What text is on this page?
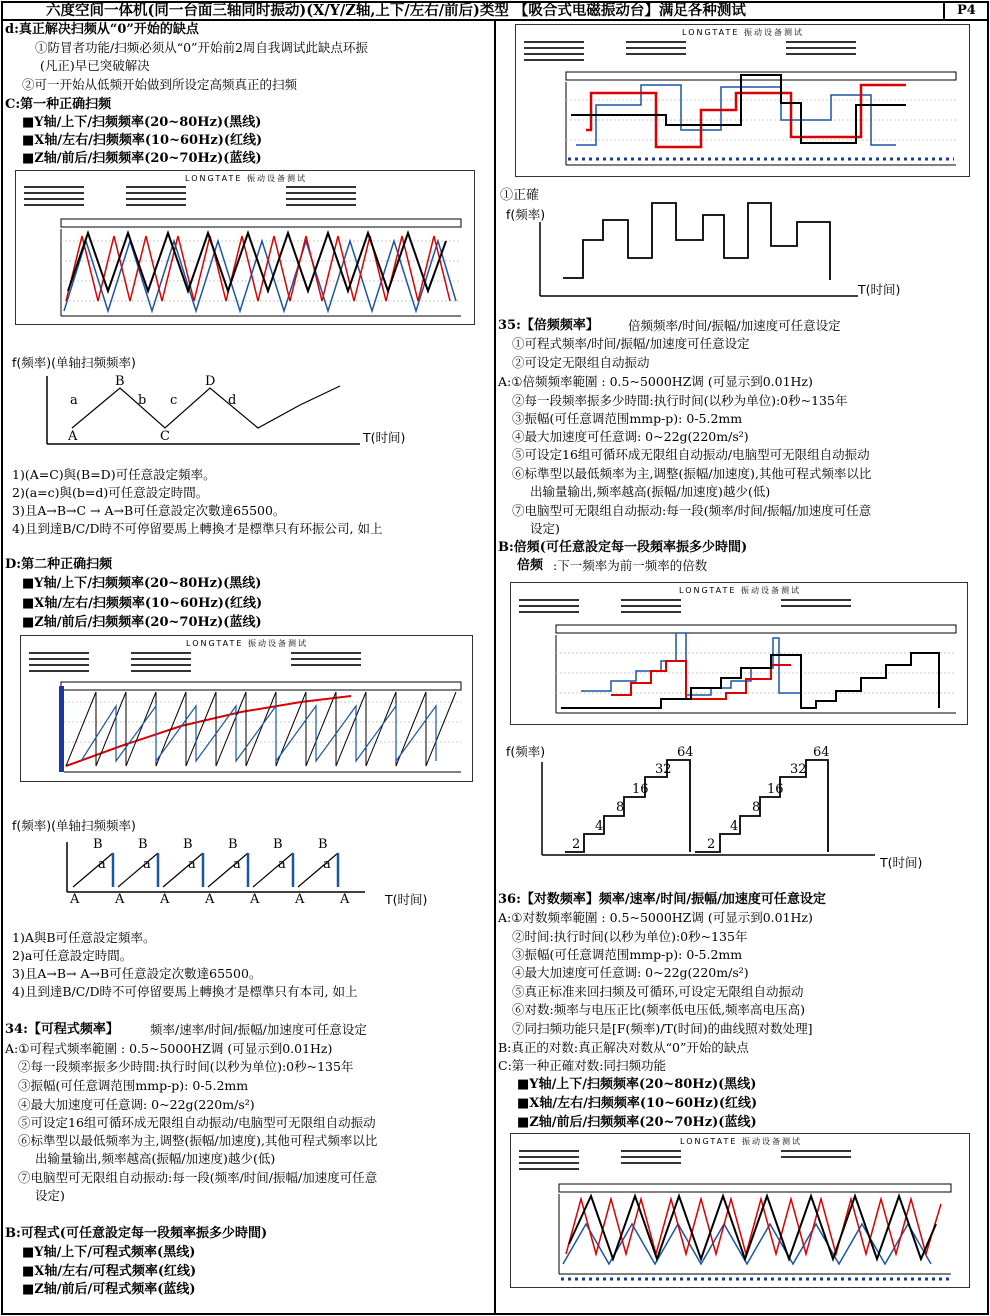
六度空间一体机(同一台面三轴同时振动)(X/Y/Z轴,上下/左右/前后)类型 【吸合式电磁振动台】满足各种测试	P4
d:真正解决扫频从“0”开始的缺点
①防冒者功能/扫频必须从“0”开始前2周自我调试此缺点环振
(凡正)早已突破解决
②可一开始从低频开始做到所设定高频真正的扫频
C:第一种正确扫频
■Y轴/上下/扫频频率(20~80Hz)(黑线)
■X轴/左右/扫频频率(10~60Hz)(红线)
■Z轴/前后/扫频频率(20~70Hz)(蓝线)
LONGTATE 振动设备测试
f(频率)(单轴扫频频率)
B	D
a	b c	d
A	C	T(时间)
1)(A=C)與(B=D)可任意設定頻率。
2)(a=c)與(b=d)可任意設定時間。
3)且A→B→C → A→B可任意設定次數達65500。
4)且到達B/C/D時不可停留要馬上轉換才是標準只有环振公司, 如上
D:第二种正确扫频
■Y轴/上下/扫频频率(20~80Hz)(黑线)
■X轴/左右/扫频频率(10~60Hz)(红线)
■Z轴/前后/扫频频率(20~70Hz)(蓝线)
LONGTATE 振动设备测试
f(频率)(单轴扫频频率)
B	B	B	B	B	B
a	a	a	a	a	a
A	A	A	A	A	A	A	T(时间)
1)A與B可任意設定頻率。
2)a可任意設定時間。
3)且A→B→ A→B可任意設定次數達65500。
4)且到達B/C/D時不可停留要馬上轉換才是標準只有本司, 如上
34:【可程式频率】 频率/速率/时间/振幅/加速度可任意设定
A:①可程式频率範圍 : 0.5~5000HZ调 (可显示到0.01Hz)
②每一段频率振多少時間:执行时间(以秒为单位):0秒~135年
③振幅(可任意调范围mmp-p): 0-5.2mm
④最大加速度可任意调: 0~22g(220m/s²)
⑤可设定16组可循环成无限组自动振动/电脑型可无限组自动振动
⑥标準型以最低频率为主,调整(振幅/加速度),其他可程式频率以比
出输量输出,频率越高(振幅/加速度)越少(低)
⑦电脑型可无限组自动振动:每一段(频率/时间/振幅/加速度可任意
设定)
B:可程式(可任意設定每一段頻率振多少時間)
■Y轴/上下/可程式频率(黑线)
■X轴/左右/可程式频率(红线)
■Z轴/前后/可程式频率(蓝线)
LONGTATE 振动设备测试
①正確
f(频率)
T(时间)
35:【倍频频率】 倍频频率/时间/振幅/加速度可任意设定
①可程式频率/时间/振幅/加速度可任意设定
②可设定无限组自动振动
A:①倍频频率範圍 : 0.5~5000HZ调 (可显示到0.01Hz)
②每一段频率振多少時間:执行时间(以秒为单位):0秒~135年
③振幅(可任意调范围mmp-p): 0-5.2mm
④最大加速度可任意调: 0~22g(220m/s²)
⑤可设定16组可循环成无限组自动振动/电脑型可无限组自动振动
⑥标準型以最低频率为主,调整(振幅/加速度),其他可程式频率以比
出输量输出,频率越高(振幅/加速度)越少(低)
⑦电脑型可无限组自动振动:每一段(频率/时间/振幅/加速度可任意
设定)
B:倍頻(可任意設定每一段頻率振多少時間)
倍频 :下一频率为前一频率的倍数
LONGTATE 振动设备测试
f(频率)
2
4
8
16
32
64
2
4
8
16
32
64
T(时间)
36:【对数频率】频率/速率/时间/振幅/加速度可任意设定
A:①对数频率範圍 : 0.5~5000HZ调 (可显示到0.01Hz)
②时间:执行时间(以秒为单位):0秒~135年
③振幅(可任意调范围mmp-p): 0-5.2mm
④最大加速度可任意调: 0~22g(220m/s²)
⑤真正标准来回扫频及可循环,可设定无限组自动振动
⑥对数:频率与电压正比(频率低电压低,频率高电压高)
⑦同扫频功能只是[F(频率)/T(时间)的曲线照对数处理]
B:真正的对数:真正解决对数从“0”开始的缺点
C:第一种正確对数:同扫频功能
■Y轴/上下/扫频频率(20~80Hz)(黑线)
■X轴/左右/扫频频率(10~60Hz)(红线)
■Z轴/前后/扫频频率(20~70Hz)(蓝线)
LONGTATE 振动设备测试
